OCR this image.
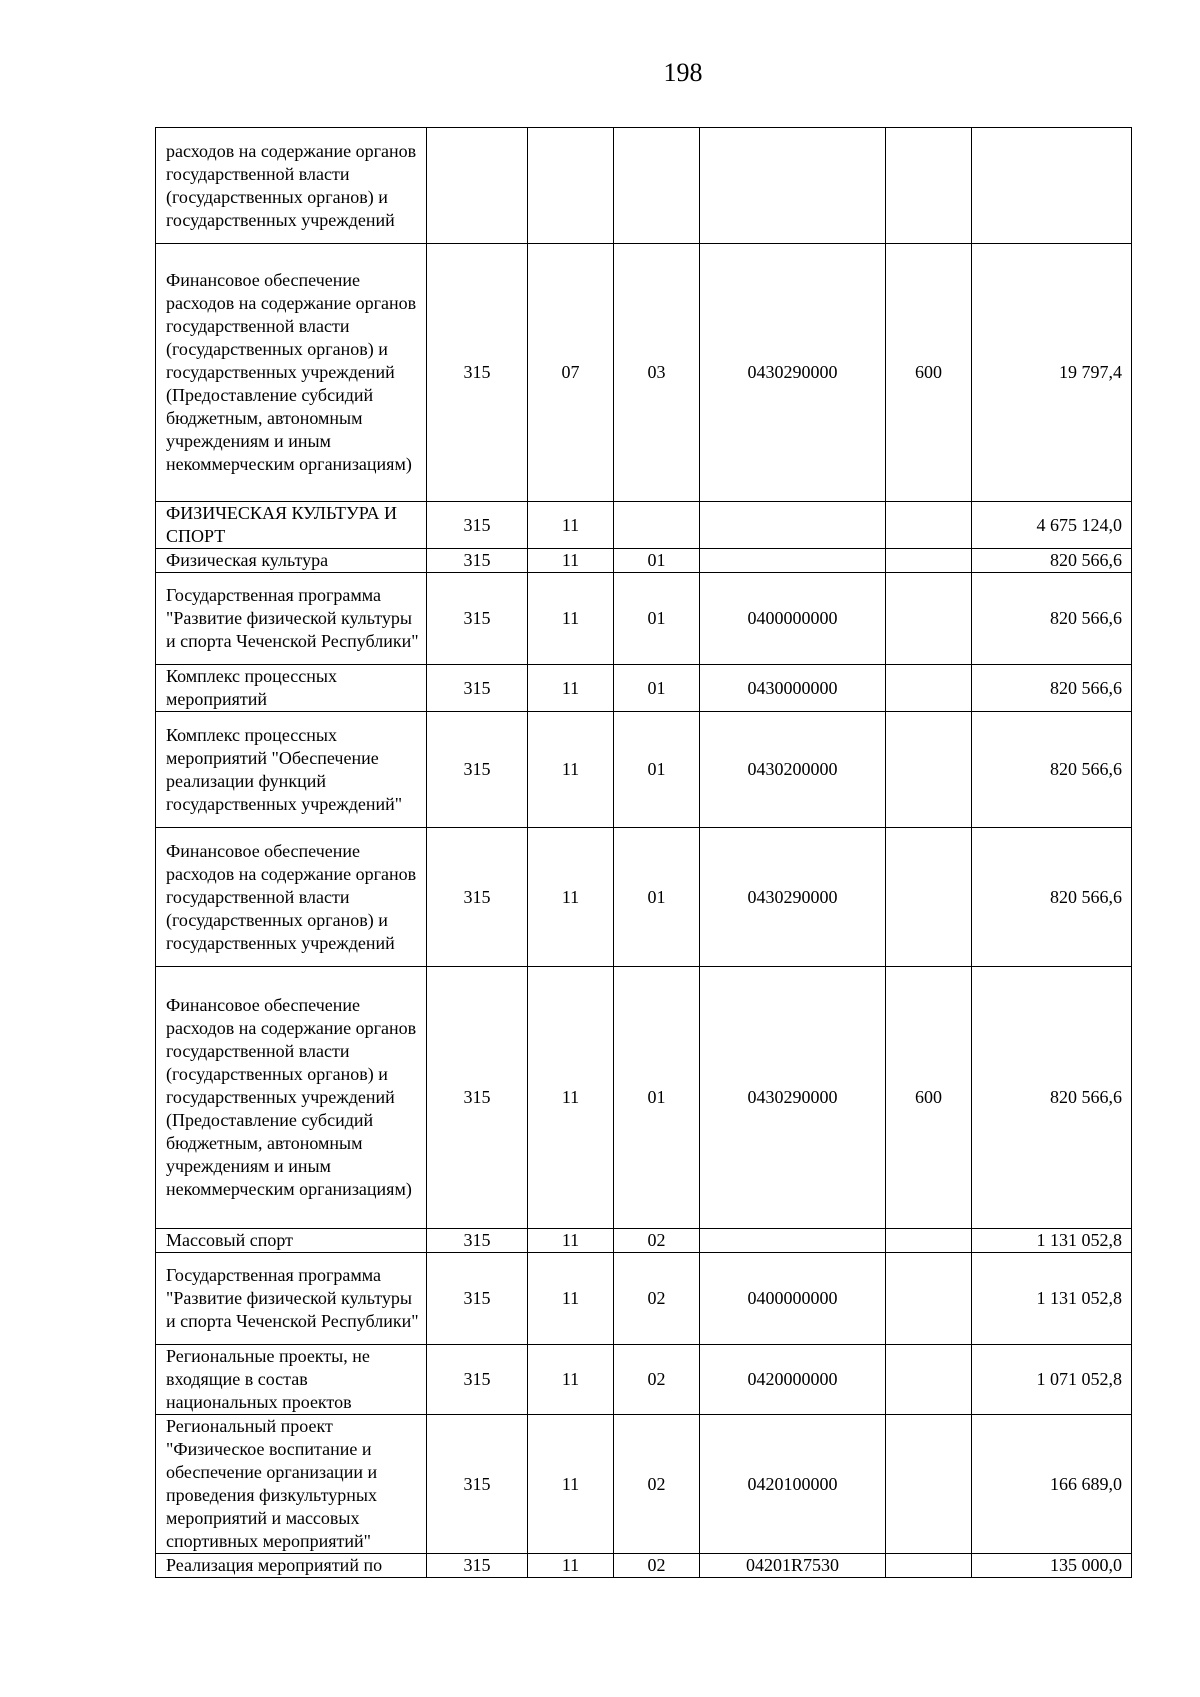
198
расходов на содержание органов государственной власти (государственных органов) и государственных учреждений						
Финансовое обеспечение расходов на содержание органов государственной власти (государственных органов) и государственных учреждений (Предоставление субсидий бюджетным, автономным учреждениям и иным некоммерческим организациям)	315	07	03	0430290000	600	19 797,4
ФИЗИЧЕСКАЯ КУЛЬТУРА И СПОРТ	315	11				4 675 124,0
Физическая культура	315	11	01			820 566,6
Государственная программа "Развитие физической культуры и спорта Чеченской Республики"	315	11	01	0400000000		820 566,6
Комплекс процессных мероприятий	315	11	01	0430000000		820 566,6
Комплекс процессных мероприятий "Обеспечение реализации функций государственных учреждений"	315	11	01	0430200000		820 566,6
Финансовое обеспечение расходов на содержание органов государственной власти (государственных органов) и государственных учреждений	315	11	01	0430290000		820 566,6
Финансовое обеспечение расходов на содержание органов государственной власти (государственных органов) и государственных учреждений (Предоставление субсидий бюджетным, автономным учреждениям и иным некоммерческим организациям)	315	11	01	0430290000	600	820 566,6
Массовый спорт	315	11	02			1 131 052,8
Государственная программа "Развитие физической культуры и спорта Чеченской Республики"	315	11	02	0400000000		1 131 052,8
Региональные проекты, не входящие в состав национальных проектов	315	11	02	0420000000		1 071 052,8
Региональный проект "Физическое воспитание и обеспечение организации и проведения физкультурных мероприятий и массовых спортивных мероприятий"	315	11	02	0420100000		166 689,0
Реализация мероприятий по	315	11	02	04201R7530		135 000,0
